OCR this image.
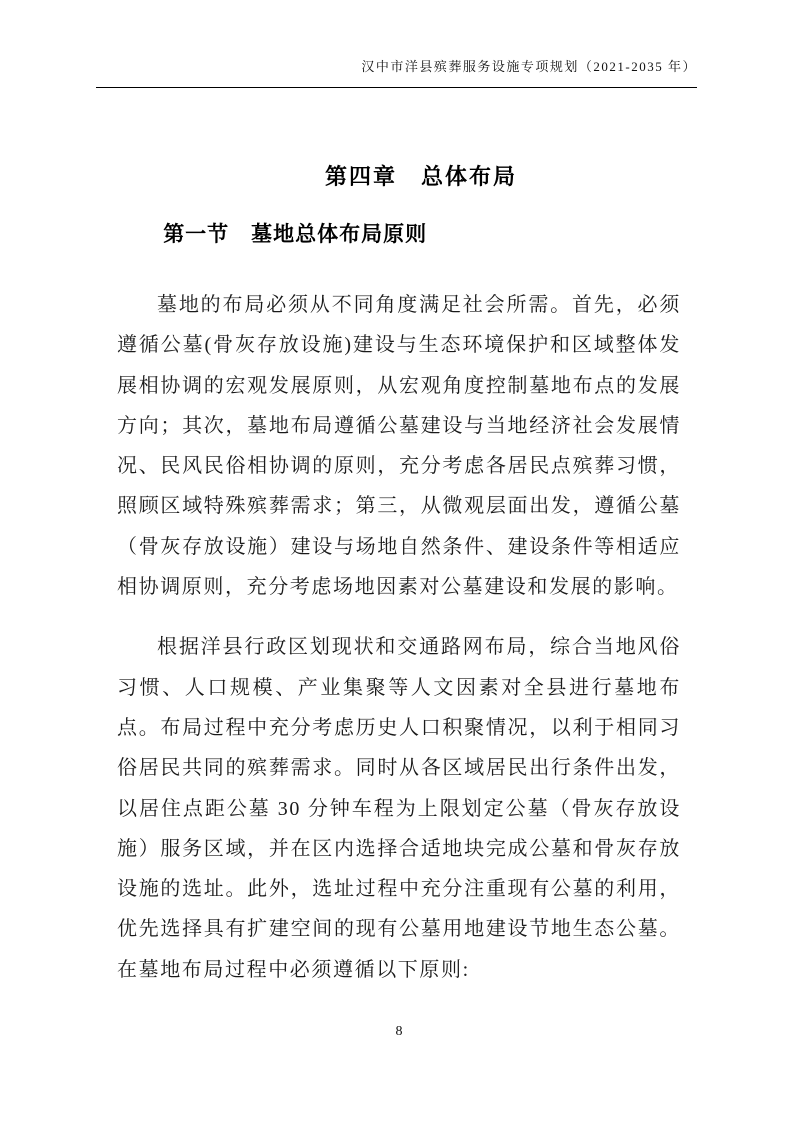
汉中市洋县殡葬服务设施专项规划（2021-2035 年）
第四章　总体布局
第一节　墓地总体布局原则

墓地的布局必须从不同角度满足社会所需。首先，必须遵循公墓(骨灰存放设施)建设与生态环境保护和区域整体发展相协调的宏观发展原则，从宏观角度控制墓地布点的发展方向；其次，墓地布局遵循公墓建设与当地经济社会发展情况、民风民俗相协调的原则，充分考虑各居民点殡葬习惯，照顾区域特殊殡葬需求；第三，从微观层面出发，遵循公墓（骨灰存放设施）建设与场地自然条件、建设条件等相适应相协调原则，充分考虑场地因素对公墓建设和发展的影响。

根据洋县行政区划现状和交通路网布局，综合当地风俗习惯、人口规模、产业集聚等人文因素对全县进行墓地布点。布局过程中充分考虑历史人口积聚情况，以利于相同习俗居民共同的殡葬需求。同时从各区域居民出行条件出发，以居住点距公墓 30 分钟车程为上限划定公墓（骨灰存放设施）服务区域，并在区内选择合适地块完成公墓和骨灰存放设施的选址。此外，选址过程中充分注重现有公墓的利用，优先选择具有扩建空间的现有公墓用地建设节地生态公墓。在墓地布局过程中必须遵循以下原则:

8
